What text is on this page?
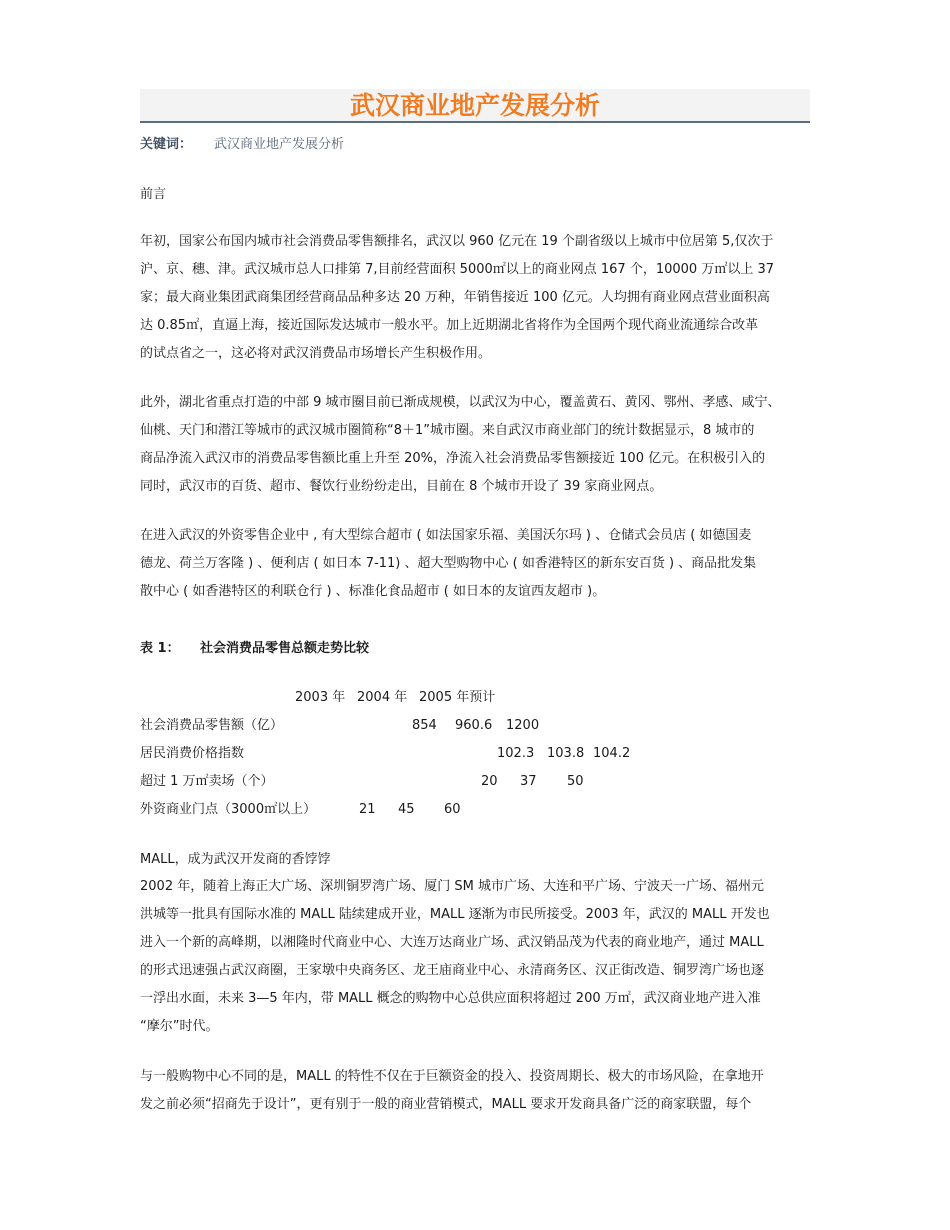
武汉商业地产发展分析
关键词： 武汉商业地产发展分析
前言
年初，国家公布国内城市社会消费品零售额排名，武汉以 960 亿元在 19 个副省级以上城市中位居第 5,仅次于
沪、京、穗、津。武汉城市总人口排第 7,目前经营面积 5000㎡以上的商业网点 167 个，10000 万㎡以上 37
家；最大商业集团武商集团经营商品品种多达 20 万种，年销售接近 100 亿元。人均拥有商业网点营业面积高
达 0.85㎡，直逼上海，接近国际发达城市一般水平。加上近期湖北省将作为全国两个现代商业流通综合改革
的试点省之一，这必将对武汉消费品市场增长产生积极作用。
此外，湖北省重点打造的中部 9 城市圈目前已渐成规模，以武汉为中心，覆盖黄石、黄冈、鄂州、孝感、咸宁、
仙桃、天门和潜江等城市的武汉城市圈简称“8＋1”城市圈。来自武汉市商业部门的统计数据显示，8 城市的
商品净流入武汉市的消费品零售额比重上升至 20%，净流入社会消费品零售额接近 100 亿元。在积极引入的
同时，武汉市的百货、超市、餐饮行业纷纷走出，目前在 8 个城市开设了 39 家商业网点。
在进入武汉的外资零售企业中 , 有大型综合超市 ( 如法国家乐福、美国沃尔玛 ) 、仓储式会员店 ( 如德国麦
德龙、荷兰万客隆 ) 、便利店 ( 如日本 7-11) 、超大型购物中心 ( 如香港特区的新东安百货 ) 、商品批发集
散中心 ( 如香港特区的利联仓行 ) 、标准化食品超市 ( 如日本的友谊西友超市 )。
表 1： 社会消费品零售总额走势比较
2003 年 2004 年 2005 年预计
社会消费品零售额（亿）	854 960.6 1200
居民消费价格指数	102.3 103.8 104.2
超过 1 万㎡卖场（个）	20 37 50
外资商业门点（3000㎡以上）	21 45 60
MALL，成为武汉开发商的香饽饽
2002 年，随着上海正大广场、深圳铜罗湾广场、厦门 SM 城市广场、大连和平广场、宁波天一广场、福州元
洪城等一批具有国际水准的 MALL 陆续建成开业，MALL 逐渐为市民所接受。2003 年，武汉的 MALL 开发也
进入一个新的高峰期，以湘隆时代商业中心、大连万达商业广场、武汉销品茂为代表的商业地产，通过 MALL
的形式迅速强占武汉商圈，王家墩中央商务区、龙王庙商业中心、永清商务区、汉正街改造、铜罗湾广场也逐
一浮出水面，未来 3—5 年内，带 MALL 概念的购物中心总供应面积将超过 200 万㎡，武汉商业地产进入准
“摩尔”时代。
与一般购物中心不同的是，MALL 的特性不仅在于巨额资金的投入、投资周期长、极大的市场风险，在拿地开
发之前必须“招商先于设计”，更有别于一般的商业营销模式，MALL 要求开发商具备广泛的商家联盟，每个
